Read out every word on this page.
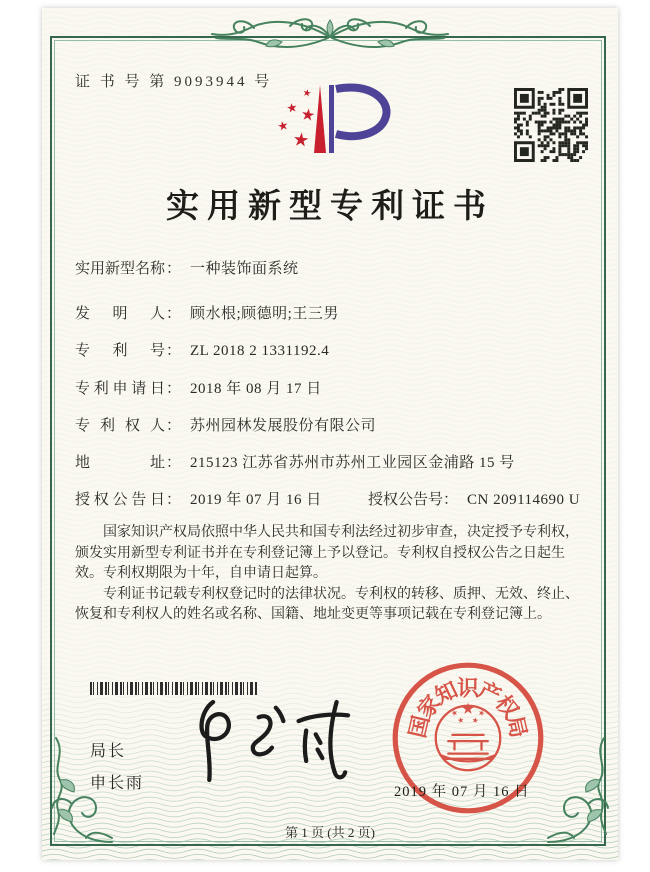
证 书 号 第 9093944 号
实用新型专利证书
实用新型名称： 一种装饰面系统
发明人： 顾水根;顾德明;王三男
专利号： ZL 2018 2 1331192.4
专利申请日： 2018 年 08 月 17 日
专利权人： 苏州园林发展股份有限公司
地址： 215123 江苏省苏州市苏州工业园区金浦路 15 号
授权公告日： 2019 年 07 月 16 日	授权公告号： CN 209114690 U

国家知识产权局依照中华人民共和国专利法经过初步审查，决定授予专利权，颁发实用新型专利证书并在专利登记簿上予以登记。专利权自授权公告之日起生效。专利权期限为十年，自申请日起算。

专利证书记载专利权登记时的法律状况。专利权的转移、质押、无效、终止、恢复和专利权人的姓名或名称、国籍、地址变更等事项记载在专利登记簿上。

局长
申长雨
国
家
知
识
产
权
局
2019 年 07 月 16 日
第 1 页 (共 2 页)
